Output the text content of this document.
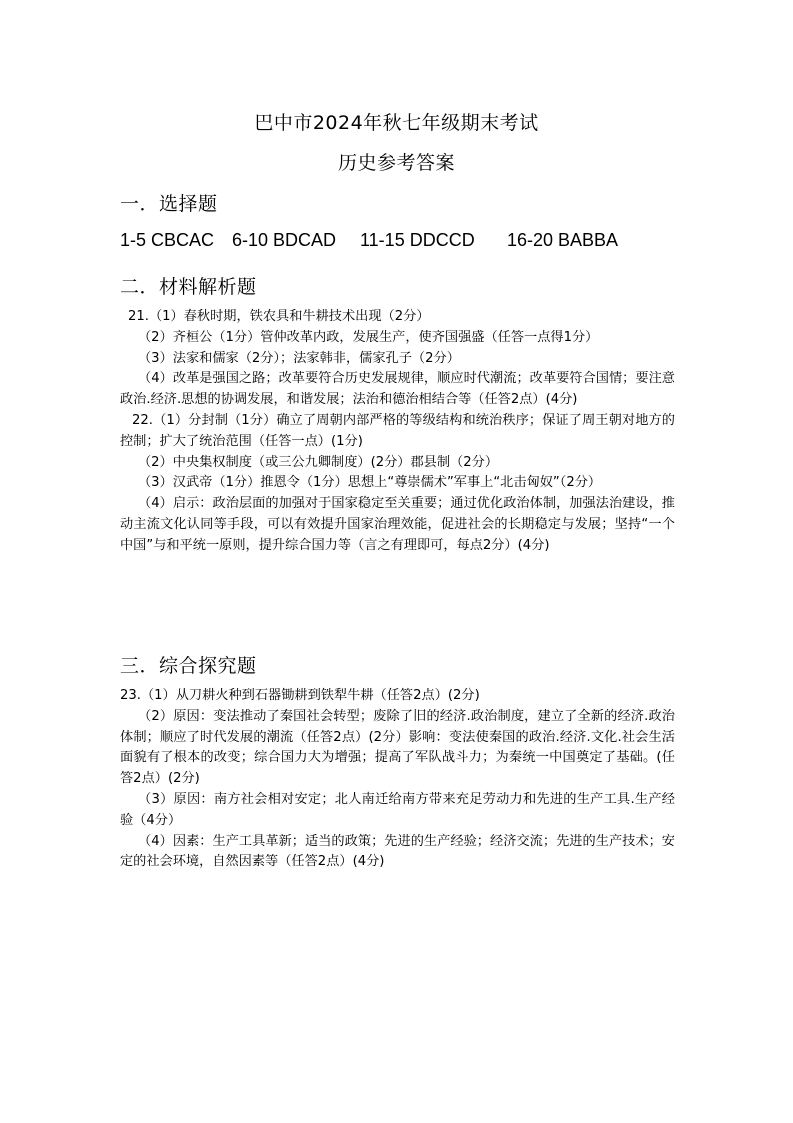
巴中市2024年秋七年级期末考试
历史参考答案
一．选择题
1-5 CBCAC 6-10 BDCAD 11-15 DDCCD 16-20 BABBA
二．材料解析题

21.（1）春秋时期，铁农具和牛耕技术出现（2分）

（2）齐桓公（1分）管仲改革内政，发展生产，使齐国强盛（任答一点得1分）

（3）法家和儒家（2分）；法家韩非，儒家孔子（2分）

（4）改革是强国之路；改革要符合历史发展规律，顺应时代潮流；改革要符合国情；要注意政治.经济.思想的协调发展，和谐发展；法治和德治相结合等（任答2点）(4分)

22.（1）分封制（1分）确立了周朝内部严格的等级结构和统治秩序；保证了周王朝对地方的控制；扩大了统治范围（任答一点）(1分)

（2）中央集权制度（或三公九卿制度）(2分）郡县制（2分）

（3）汉武帝（1分）推恩令（1分）思想上“尊崇儒术”军事上“北击匈奴”（2分）

（4）启示：政治层面的加强对于国家稳定至关重要；通过优化政治体制，加强法治建设，推动主流文化认同等手段，可以有效提升国家治理效能，促进社会的长期稳定与发展；坚持“一个中国”与和平统一原则，提升综合国力等（言之有理即可，每点2分）(4分)

三．综合探究题

23.（1）从刀耕火种到石器锄耕到铁犁牛耕（任答2点）(2分)

（2）原因：变法推动了秦国社会转型；废除了旧的经济.政治制度，建立了全新的经济.政治体制；顺应了时代发展的潮流（任答2点）(2分）影响：变法使秦国的政治.经济.文化.社会生活面貌有了根本的改变；综合国力大为增强；提高了军队战斗力；为秦统一中国奠定了基础。(任答2点）(2分)

（3）原因：南方社会相对安定；北人南迁给南方带来充足劳动力和先进的生产工具.生产经验（4分）

（4）因素：生产工具革新；适当的政策；先进的生产经验；经济交流；先进的生产技术；安定的社会环境，自然因素等（任答2点）(4分)
